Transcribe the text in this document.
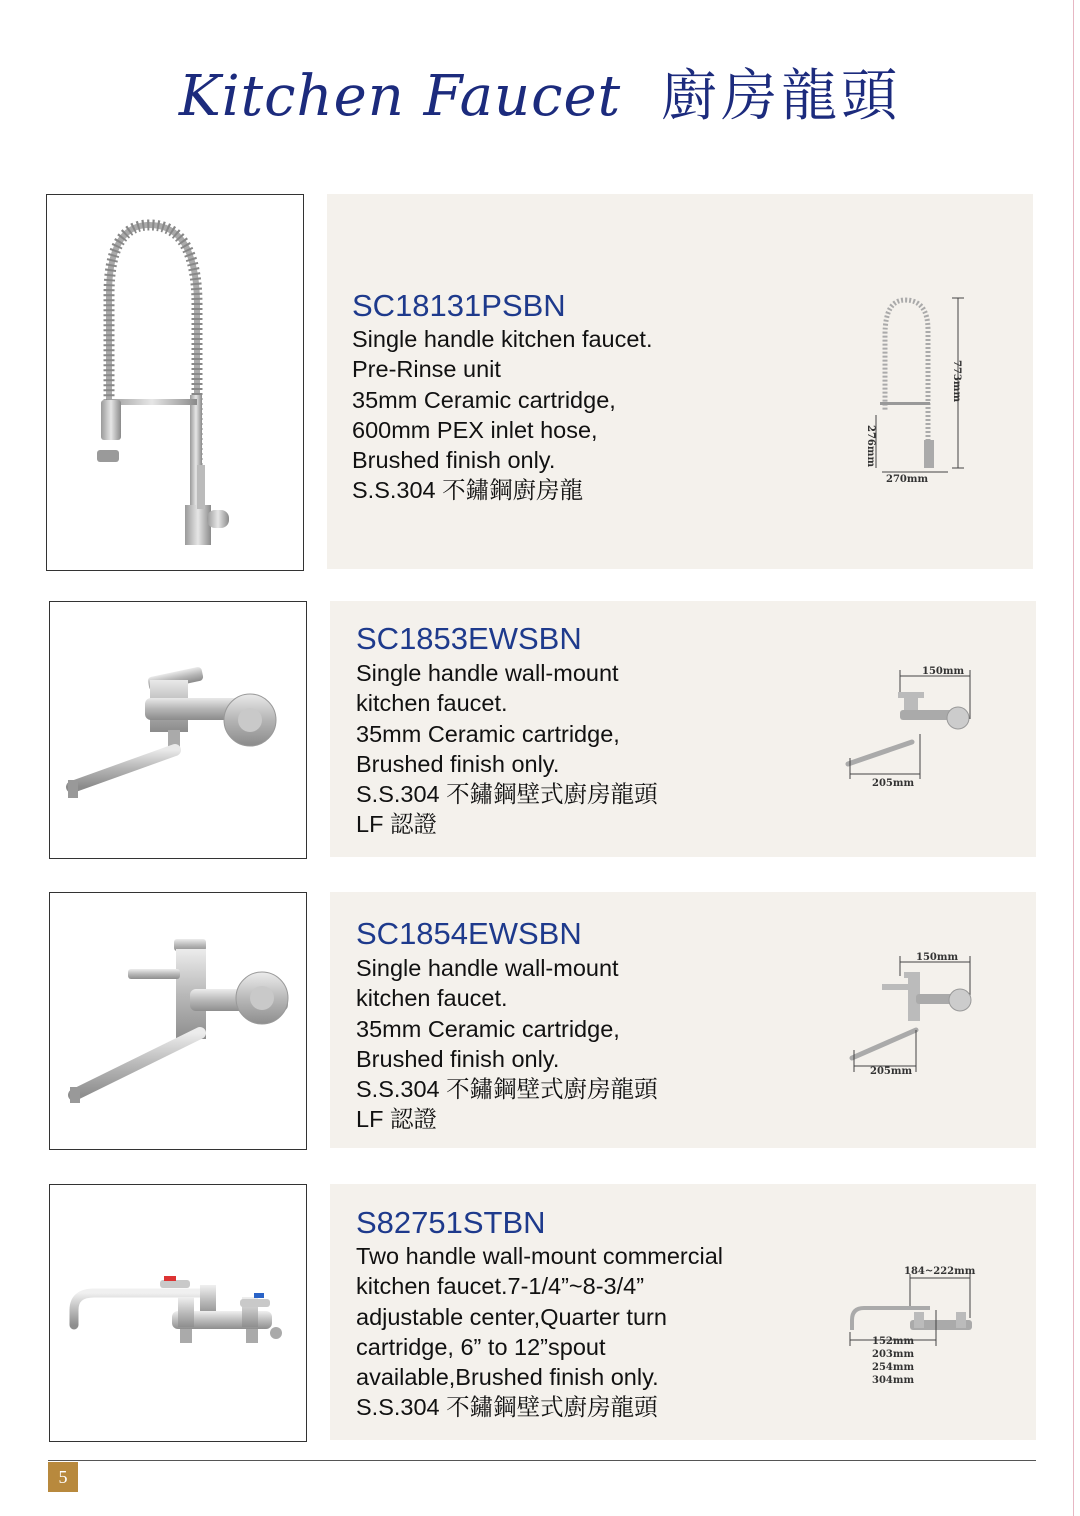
Kitchen Faucet 廚房龍頭
SC18131PSBN
Single handle kitchen faucet.
Pre-Rinse unit
35mm Ceramic cartridge,
600mm PEX inlet hose,
Brushed finish only.
S.S.304 不鏽鋼廚房龍
773mm
276mm
270mm
SC1853EWSBN
Single handle wall-mount
kitchen faucet.
35mm Ceramic cartridge,
Brushed finish only.
S.S.304 不鏽鋼壁式廚房龍頭
LF 認證
150mm
205mm
SC1854EWSBN
Single handle wall-mount
kitchen faucet.
35mm Ceramic cartridge,
Brushed finish only.
S.S.304 不鏽鋼壁式廚房龍頭
LF 認證
150mm
205mm
S82751STBN
Two handle wall-mount commercial
kitchen faucet.7-1/4”~8-3/4”
adjustable center,Quarter turn
cartridge, 6” to 12”spout
available,Brushed finish only.
S.S.304 不鏽鋼壁式廚房龍頭
184~222mm
152mm
203mm
254mm
304mm
5
